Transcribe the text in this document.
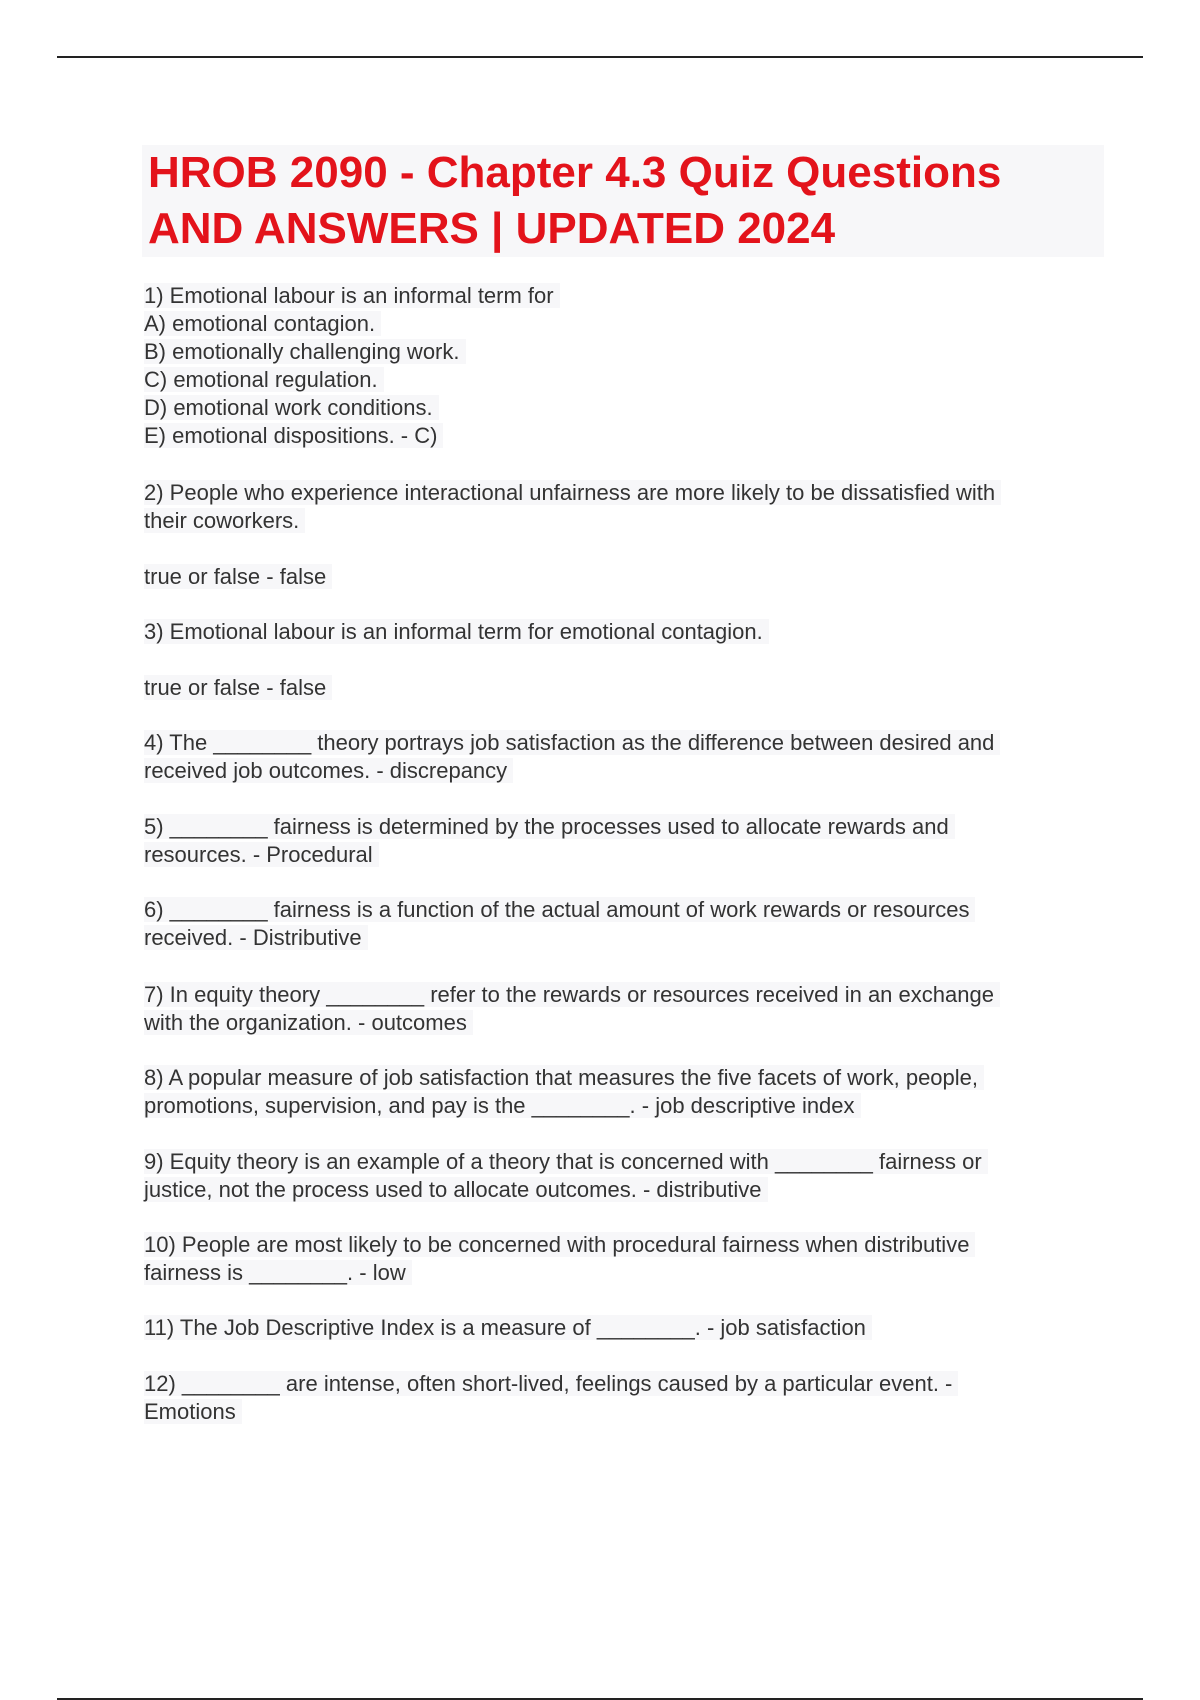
HROB 2090 - Chapter 4.3 Quiz Questions
AND ANSWERS | UPDATED 2024
1) Emotional labour is an informal term for
A) emotional contagion.
B) emotionally challenging work.
C) emotional regulation.
D) emotional work conditions.
E) emotional dispositions. - C)
2) People who experience interactional unfairness are more likely to be dissatisfied with
their coworkers.
true or false - false
3) Emotional labour is an informal term for emotional contagion.
true or false - false
4) The ________ theory portrays job satisfaction as the difference between desired and
received job outcomes. - discrepancy
5) ________ fairness is determined by the processes used to allocate rewards and
resources. - Procedural
6) ________ fairness is a function of the actual amount of work rewards or resources
received. - Distributive
7) In equity theory ________ refer to the rewards or resources received in an exchange
with the organization. - outcomes
8) A popular measure of job satisfaction that measures the five facets of work, people,
promotions, supervision, and pay is the ________. - job descriptive index
9) Equity theory is an example of a theory that is concerned with ________ fairness or
justice, not the process used to allocate outcomes. - distributive
10) People are most likely to be concerned with procedural fairness when distributive
fairness is ________. - low
11) The Job Descriptive Index is a measure of ________. - job satisfaction
12) ________ are intense, often short-lived, feelings caused by a particular event. -
Emotions
